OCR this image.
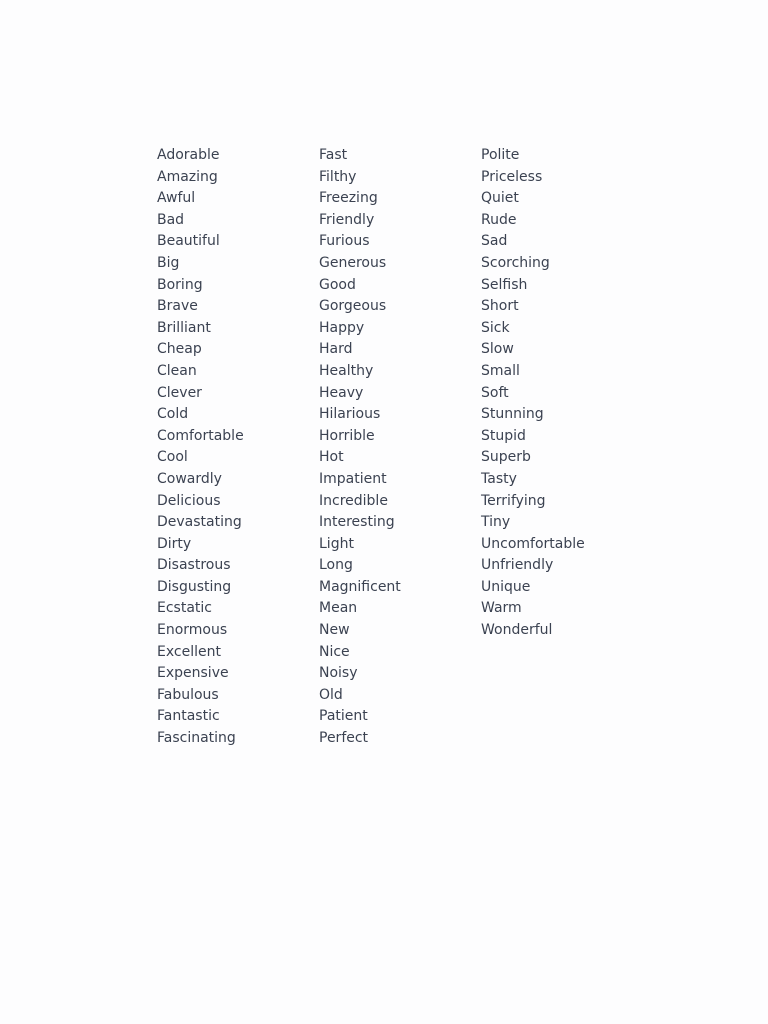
Adorable
Amazing
Awful
Bad
Beautiful
Big
Boring
Brave
Brilliant
Cheap
Clean
Clever
Cold
Comfortable
Cool
Cowardly
Delicious
Devastating
Dirty
Disastrous
Disgusting
Ecstatic
Enormous
Excellent
Expensive
Fabulous
Fantastic
Fascinating
Fast
Filthy
Freezing
Friendly
Furious
Generous
Good
Gorgeous
Happy
Hard
Healthy
Heavy
Hilarious
Horrible
Hot
Impatient
Incredible
Interesting
Light
Long
Magnificent
Mean
New
Nice
Noisy
Old
Patient
Perfect
Polite
Priceless
Quiet
Rude
Sad
Scorching
Selfish
Short
Sick
Slow
Small
Soft
Stunning
Stupid
Superb
Tasty
Terrifying
Tiny
Uncomfortable
Unfriendly
Unique
Warm
Wonderful
